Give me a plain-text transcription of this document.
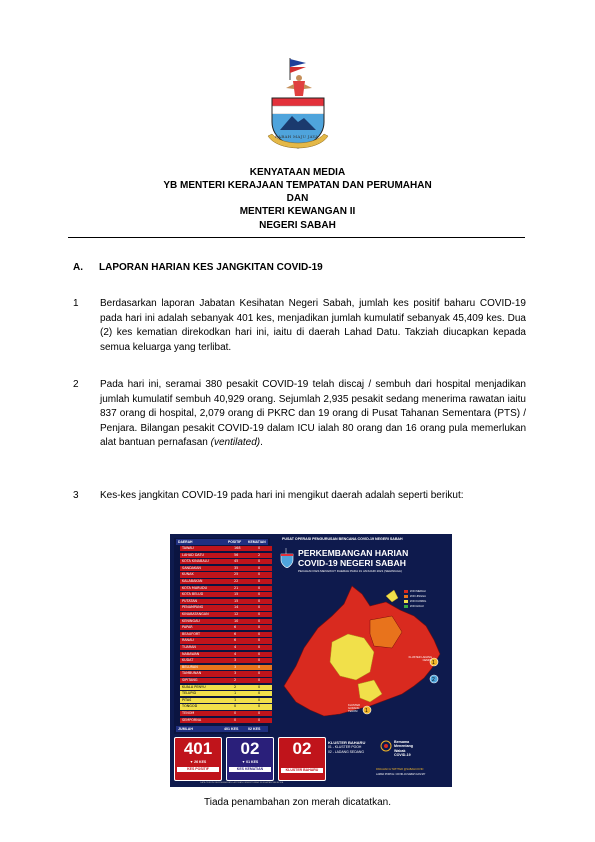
SABAH MAJU JAYA
KENYATAAN MEDIA
YB MENTERI KERAJAAN TEMPATAN DAN PERUMAHAN
DAN
MENTERI KEWANGAN II
NEGERI SABAH
A. LAPORAN HARIAN KES JANGKITAN COVID-19
1 Berdasarkan laporan Jabatan Kesihatan Negeri Sabah, jumlah kes positif baharu COVID-19 pada hari ini adalah sebanyak 401 kes, menjadikan jumlah kumulatif sebanyak 45,409 kes. Dua (2) kes kematian direkodkan hari ini, iaitu di daerah Lahad Datu. Takziah diucapkan kepada semua keluarga yang terlibat.
2 Pada hari ini, seramai 380 pesakit COVID-19 telah discaj / sembuh dari hospital menjadikan jumlah kumulatif sembuh 40,929 orang. Sejumlah 2,935 pesakit sedang menerima rawatan iaitu 837 orang di hospital, 2,079 orang di PKRC dan 19 orang di Pusat Tahanan Sementara (PTS) / Penjara. Bilangan pesakit COVID-19 dalam ICU ialah 80 orang dan 16 orang pula memerlukan alat bantuan pernafasan (ventilated).
3 Kes-kes jangkitan COVID-19 pada hari ini mengikut daerah adalah seperti berikut:
DAERAH	POSITIF KEMATIAN
TAWAU	168	0
LAHAD DATU	56	2
KOTA KINABALU	45	0
SANDAKAN	35	0
KUNAK	25	0
KALABAKAN	22	0
KOTA MARUDU	21	0
KOTA BELUD	15	0
PUTATAN	15	0
PENAMPANG	14	0
KINABATANGAN	12	0
KENINGAU	10	0
PAPAR	6	0
BEAUFORT	6	0
RANAU	6	0
TUARAN	4	0
NABAWAN	4	0
KUDAT	3	0
BELURAN	3	0
TAMBUNAN	3	0
SIPITANG	2	0
KUALA PENYU	2	0
TELUPID	1	0
PITAS	1	0
TONGOD	0	0
TENOM	0	0
SEMPORNA	0	0
JUMLAH	401 KES	02 KES
PUSAT OPERASI PENGURUSAN BENCANA COVID-19 NEGERI SABAH
PERKEMBANGAN HARIAN
COVID-19 NEGERI SABAH
PECAHAN KES MENGIKUT DAERAH PADA 31 JANUARI 2021 (SEHINGGA)
1
2
1
ZON MERAH
ZON JINGGA
ZON KUNING
ZON HIJAU
KLUSTER LADANG CEMOT
KLUSTER GUDANG TENOM
401
▼ 26 KES
KES POSITIF
02
▼ 01 KES
KES KEMATIAN
02
KLUSTER BAHARU
KLUSTER BAHARU
01 - KLUSTER POOH
02 - LADANG SEDANG
Bersama
Menentang
Wabak
COVID-19
PADAHAN & TWITTER @SABAHCOVID
LAMAN PORTAL: COVID-19.SABAH.GOV.MY
DATA TERKINI BERDASARKAN LAPORAN KEMENTERIAN KESIHATAN MALAYSIA
Tiada penambahan zon merah dicatatkan.
